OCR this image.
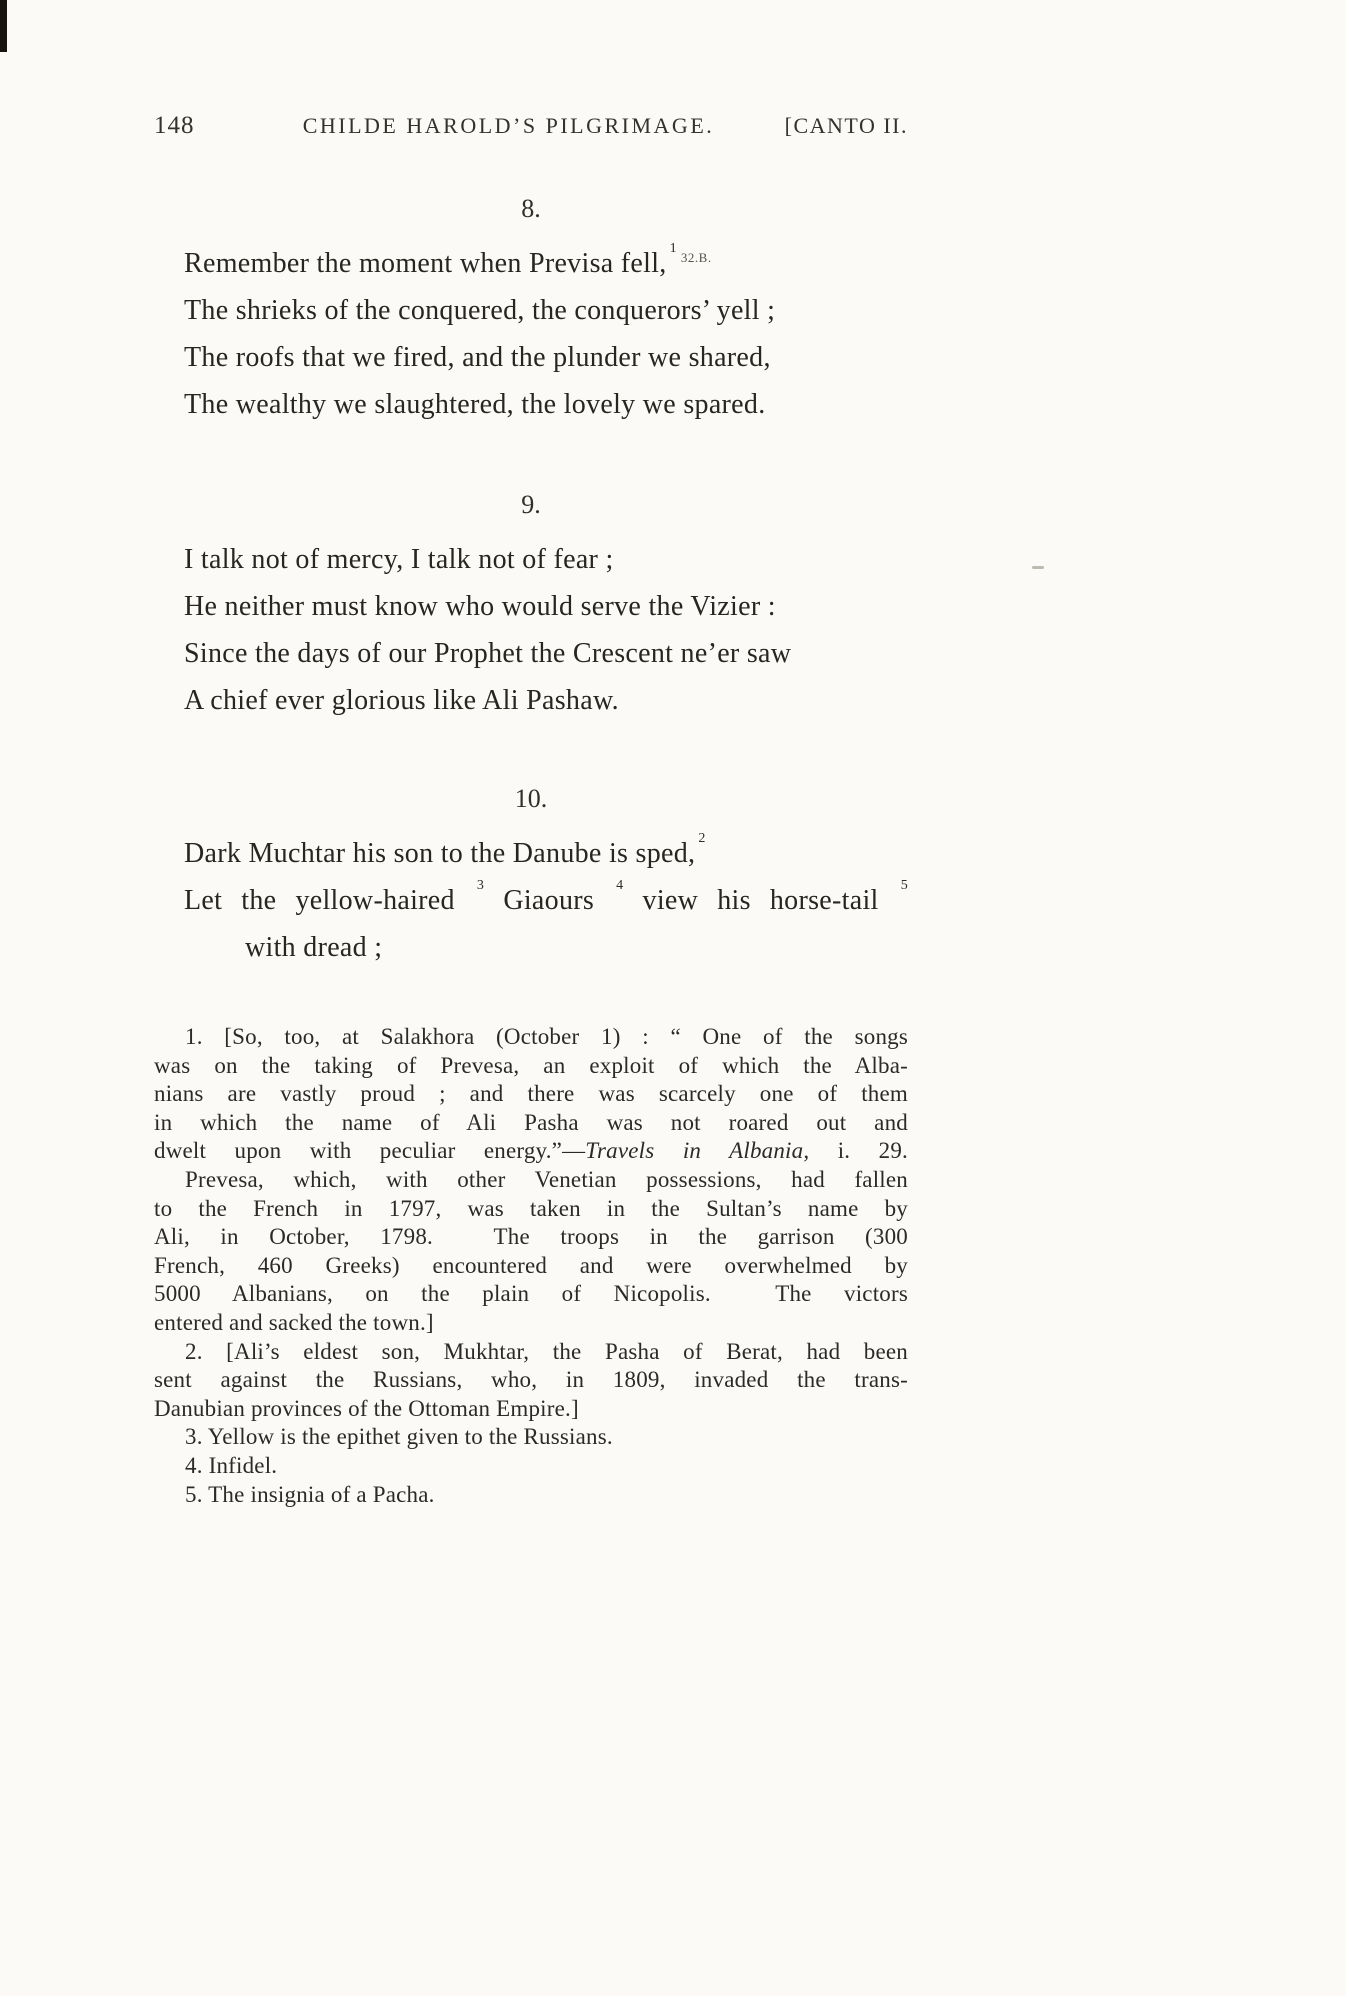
148	CHILDE HAROLD’S PILGRIMAGE.	[CANTO II.
8.

Remember the moment when Previsa fell, $^{132.B.}$

The shrieks of the conquered, the conquerors’ yell ;

The roofs that we fired, and the plunder we shared,

The wealthy we slaughtered, the lovely we spared.

9.

I talk not of mercy, I talk not of fear ;

He neither must know who would serve the Vizier :

Since the days of our Prophet the Crescent ne’er saw

A chief ever glorious like Ali Pashaw.

10.

Dark Muchtar his son to the Danube is sped, $^2$

Let the yellow-haired $^3$ Giaours $^4$ view his horse-tail $^5$

with dread ;

1. [So, too, at Salakhora (October 1) : “ One of the songs
was on the taking of Prevesa, an exploit of which the Alba-
nians are vastly proud ; and there was scarcely one of them
in which the name of Ali Pasha was not roared out and
dwelt upon with peculiar energy.”—Travels in Albania, i. 29.
Prevesa, which, with other Venetian possessions, had fallen
to the French in 1797, was taken in the Sultan’s name by
Ali, in October, 1798.  The troops in the garrison (300
French, 460 Greeks) encountered and were overwhelmed by
5000 Albanians, on the plain of Nicopolis.  The victors
entered and sacked the town.]

2. [Ali’s eldest son, Mukhtar, the Pasha of Berat, had been
sent against the Russians, who, in 1809, invaded the trans-
Danubian provinces of the Ottoman Empire.]

3. Yellow is the epithet given to the Russians.

4. Infidel.

5. The insignia of a Pacha.
